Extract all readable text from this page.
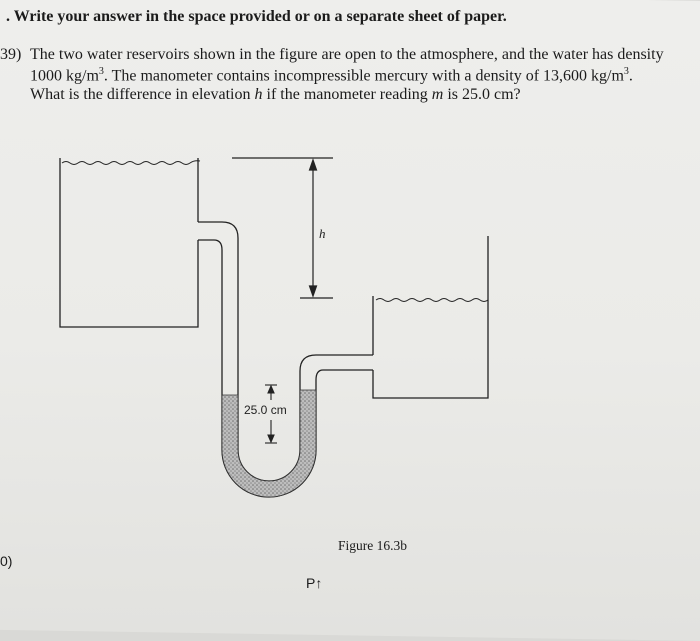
. Write your answer in the space provided or on a separate sheet of paper.
39) The two water reservoirs shown in the figure are open to the atmosphere, and the water has density
1000 $kg/m^3$. The manometer contains incompressible mercury with a density of 13,600 $kg/m^3$.
What is the difference in elevation h if the manometer reading m is 25.0 cm?
h
25.0 cm
Figure 16.3b
0)
P↑
